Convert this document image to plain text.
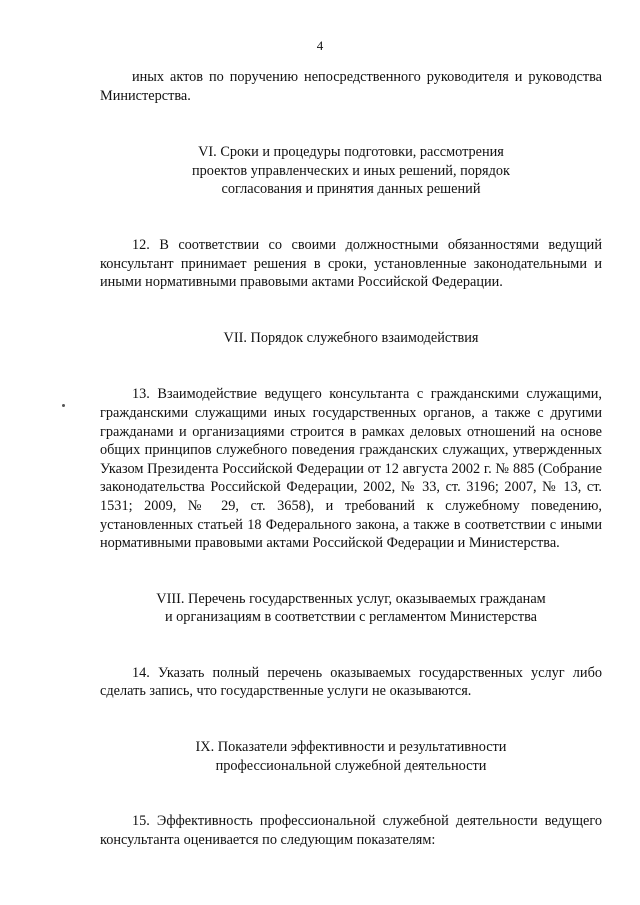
4

иных актов по поручению непосредственного руководителя и руководства Министерства.

VI. Сроки и процедуры подготовки, рассмотрения

проектов управленческих и иных решений, порядок

согласования и принятия данных решений

12. В соответствии со своими должностными обязанностями ведущий консультант принимает решения в сроки, установленные законодательными и иными нормативными правовыми актами Российской Федерации.

VII. Порядок служебного взаимодействия

13. Взаимодействие ведущего консультанта с гражданскими служащими, гражданскими служащими иных государственных органов, а также с другими гражданами и организациями строится в рамках деловых отношений на основе общих принципов служебного поведения гражданских служащих, утвержденных Указом Президента Российской Федерации от 12 августа 2002 г. № 885 (Собрание законодательства Российской Федерации, 2002, № 33, ст. 3196; 2007, № 13, ст. 1531; 2009, № 29, ст. 3658), и требований к служебному поведению, установленных статьей 18 Федерального закона, а также в соответствии с иными нормативными правовыми актами Российской Федерации и Министерства.

VIII. Перечень государственных услуг, оказываемых гражданам

и организациям в соответствии с регламентом Министерства

14. Указать полный перечень оказываемых государственных услуг либо сделать запись, что государственные услуги не оказываются.

IX. Показатели эффективности и результативности

профессиональной служебной деятельности

15. Эффективность профессиональной служебной деятельности ведущего консультанта оценивается по следующим показателям:
